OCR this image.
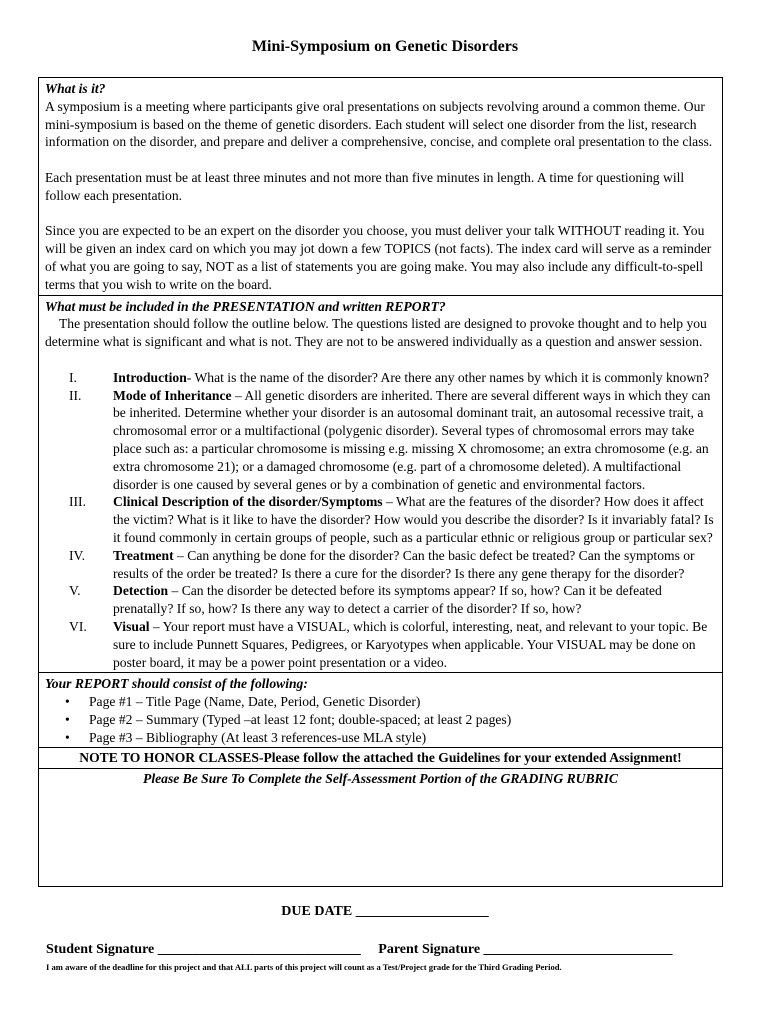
Mini-Symposium on Genetic Disorders
What is it?

A symposium is a meeting where participants give oral presentations on subjects revolving around a common theme. Our mini-symposium is based on the theme of genetic disorders. Each student will select one disorder from the list, research information on the disorder, and prepare and deliver a comprehensive, concise, and complete oral presentation to the class.

Each presentation must be at least three minutes and not more than five minutes in length. A time for questioning will follow each presentation.

Since you are expected to be an expert on the disorder you choose, you must deliver your talk WITHOUT reading it. You will be given an index card on which you may jot down a few TOPICS (not facts). The index card will serve as a reminder of what you are going to say, NOT as a list of statements you are going make. You may also include any difficult-to-spell terms that you wish to write on the board.

What must be included in the PRESENTATION and written REPORT?

The presentation should follow the outline below. The questions listed are designed to provoke thought and to help you determine what is significant and what is not. They are not to be answered individually as a question and answer session.

I.	Introduction- What is the name of the disorder? Are there any other names by which it is commonly known?
II.	Mode of Inheritance – All genetic disorders are inherited. There are several different ways in which they can be inherited. Determine whether your disorder is an autosomal dominant trait, an autosomal recessive trait, a chromosomal error or a multifactional (polygenic disorder). Several types of chromosomal errors may take place such as: a particular chromosome is missing e.g. missing X chromosome; an extra chromosome (e.g. an extra chromosome 21); or a damaged chromosome (e.g. part of a chromosome deleted). A multifactional disorder is one caused by several genes or by a combination of genetic and environmental factors.
III.	Clinical Description of the disorder/Symptoms – What are the features of the disorder? How does it affect the victim? What is it like to have the disorder? How would you describe the disorder? Is it invariably fatal? Is it found commonly in certain groups of people, such as a particular ethnic or religious group or particular sex?
IV.	Treatment – Can anything be done for the disorder? Can the basic defect be treated? Can the symptoms or results of the order be treated? Is there a cure for the disorder? Is there any gene therapy for the disorder?
V.	Detection – Can the disorder be detected before its symptoms appear? If so, how? Can it be defeated prenatally? If so, how? Is there any way to detect a carrier of the disorder? If so, how?
VI.	Visual – Your report must have a VISUAL, which is colorful, interesting, neat, and relevant to your topic. Be sure to include Punnett Squares, Pedigrees, or Karyotypes when applicable. Your VISUAL may be done on poster board, it may be a power point presentation or a video.
Your REPORT should consist of the following:
•	Page #1 – Title Page (Name, Date, Period, Genetic Disorder)
•	Page #2 – Summary (Typed –at least 12 font; double-spaced; at least 2 pages)
•	Page #3 – Bibliography (At least 3 references-use MLA style)
NOTE TO HONOR CLASSES-Please follow the attached the Guidelines for your extended Assignment!
Please Be Sure To Complete the Self-Assessment Portion of the GRADING RUBRIC
DUE DATE ___________________
Student Signature _____________________________ Parent Signature ___________________________
I am aware of the deadline for this project and that ALL parts of this project will count as a Test/Project grade for the Third Grading Period.
